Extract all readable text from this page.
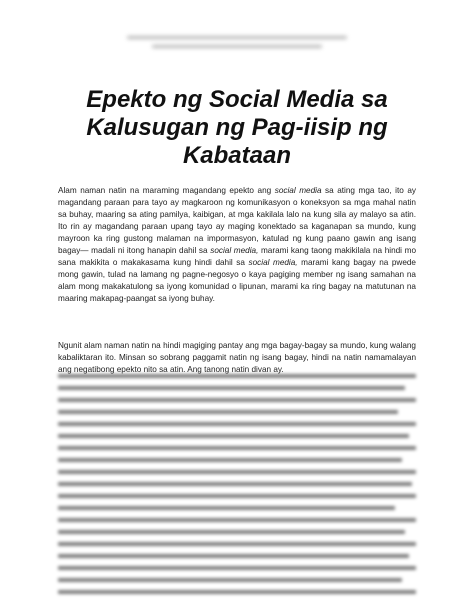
Epekto ng Social Media sa
Kalusugan ng Pag-iisip ng
Kabataan

Alam naman natin na maraming magandang epekto ang social media sa ating mga tao, ito ay magandang paraan para tayo ay magkaroon ng komunikasyon o koneksyon sa mga mahal natin sa buhay, maaring sa ating pamilya, kaibigan, at mga kakilala lalo na kung sila ay malayo sa atin. Ito rin ay magandang paraan upang tayo ay maging konektado sa kaganapan sa mundo, kung mayroon ka ring gustong malaman na impormasyon, katulad ng kung paano gawin ang isang bagay— madali ni itong hanapin dahil sa social media, marami kang taong makikilala na hindi mo sana makikita o makakasama kung hindi dahil sa social media, marami kang bagay na pwede mong gawin, tulad na lamang ng pagne-negosyo o kaya pagiging member ng isang samahan na alam mong makakatulong sa iyong komunidad o lipunan, marami ka ring bagay na matutunan na maaring makapag-paangat sa iyong buhay.

Ngunit alam naman natin na hindi magiging pantay ang mga bagay-bagay sa mundo, kung walang kabaliktaran ito. Minsan so sobrang paggamit natin ng isang bagay, hindi na natin namamalayan ang negatibong epekto nito sa atin. Ang tanong natin divan ay.
